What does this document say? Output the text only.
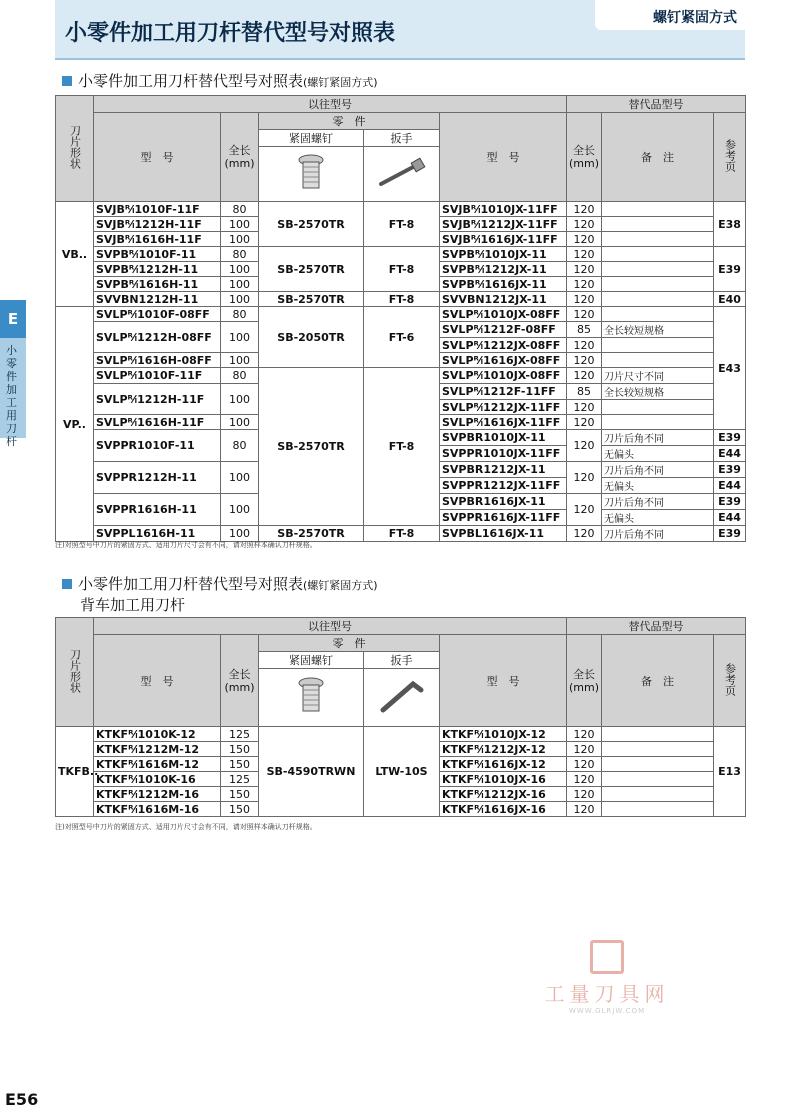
小零件加工用刀杆替代型号对照表
螺钉紧固方式
E
小零件加工用刀杆
小零件加工用刀杆替代型号对照表(螺钉紧固方式)
刀片形状	以往型号					替代品型号		
	型　号	全长
(mm)	零　件		型　号	全长
(mm)	备　注	参考页
			紧固螺钉	扳手				

VB..	SVJBᴿ⁄ₗ1010F-11F	80	SB-2570TR	FT-8	SVJBᴿ⁄ₗ1010JX-11FF	120		E38
	SVJBᴿ⁄ₗ1212H-11F	100			SVJBᴿ⁄ₗ1212JX-11FF	120		
	SVJBᴿ⁄ₗ1616H-11F	100			SVJBᴿ⁄ₗ1616JX-11FF	120		
	SVPBᴿ⁄ₗ1010F-11	80	SB-2570TR	FT-8	SVPBᴿ⁄ₗ1010JX-11	120		E39
	SVPBᴿ⁄ₗ1212H-11	100			SVPBᴿ⁄ₗ1212JX-11	120		
	SVPBᴿ⁄ₗ1616H-11	100			SVPBᴿ⁄ₗ1616JX-11	120		
	SVVBN1212H-11	100	SB-2570TR	FT-8	SVVBN1212JX-11	120		E40
VP..	SVLPᴿ⁄ₗ1010F-08FF	80	SB-2050TR	FT-6	SVLPᴿ⁄ₗ1010JX-08FF	120		E43
	SVLPᴿ⁄ₗ1212H-08FF	100			SVLPᴿ⁄ₗ1212F-08FF	85	全长较短规格	
					SVLPᴿ⁄ₗ1212JX-08FF	120		
	SVLPᴿ⁄ₗ1616H-08FF	100			SVLPᴿ⁄ₗ1616JX-08FF	120		
	SVLPᴿ⁄ₗ1010F-11F	80	SB-2570TR	FT-8	SVLPᴿ⁄ₗ1010JX-08FF	120	刀片尺寸不同	
	SVLPᴿ⁄ₗ1212H-11F	100			SVLPᴿ⁄ₗ1212F-11FF	85	全长较短规格	
					SVLPᴿ⁄ₗ1212JX-11FF	120		
	SVLPᴿ⁄ₗ1616H-11F	100			SVLPᴿ⁄ₗ1616JX-11FF	120		
	SVPPR1010F-11	80			SVPBR1010JX-11	120	刀片后角不同	E39
					SVPPR1010JX-11FF		无偏头	E44
	SVPPR1212H-11	100			SVPBR1212JX-11	120	刀片后角不同	E39
					SVPPR1212JX-11FF		无偏头	E44
	SVPPR1616H-11	100			SVPBR1616JX-11	120	刀片后角不同	E39
					SVPPR1616JX-11FF		无偏头	E44
	SVPPL1616H-11	100	SB-2570TR	FT-8	SVPBL1616JX-11	120	刀片后角不同	E39
注)对照型号中刀片的紧固方式、适用刀片尺寸会有不同，请对照样本确认刀杆规格。
小零件加工用刀杆替代型号对照表(螺钉紧固方式)
背车加工用刀杆
刀片形状	以往型号					替代品型号		
	型　号	全长
(mm)	零　件		型　号	全长
(mm)	备　注	参考页
			紧固螺钉	扳手				

TKFB..	KTKFᴿ⁄ₗ1010K-12	125	SB-4590TRWN	LTW-10S	KTKFᴿ⁄ₗ1010JX-12	120		E13
	KTKFᴿ⁄ₗ1212M-12	150			KTKFᴿ⁄ₗ1212JX-12	120		
	KTKFᴿ⁄ₗ1616M-12	150			KTKFᴿ⁄ₗ1616JX-12	120		
	KTKFᴿ⁄ₗ1010K-16	125			KTKFᴿ⁄ₗ1010JX-16	120		
	KTKFᴿ⁄ₗ1212M-16	150			KTKFᴿ⁄ₗ1212JX-16	120		
	KTKFᴿ⁄ₗ1616M-16	150			KTKFᴿ⁄ₗ1616JX-16	120		
注)对照型号中刀片的紧固方式、适用刀片尺寸会有不同，请对照样本确认刀杆规格。
工量刀具网
WWW.GLRJW.COM
E56
